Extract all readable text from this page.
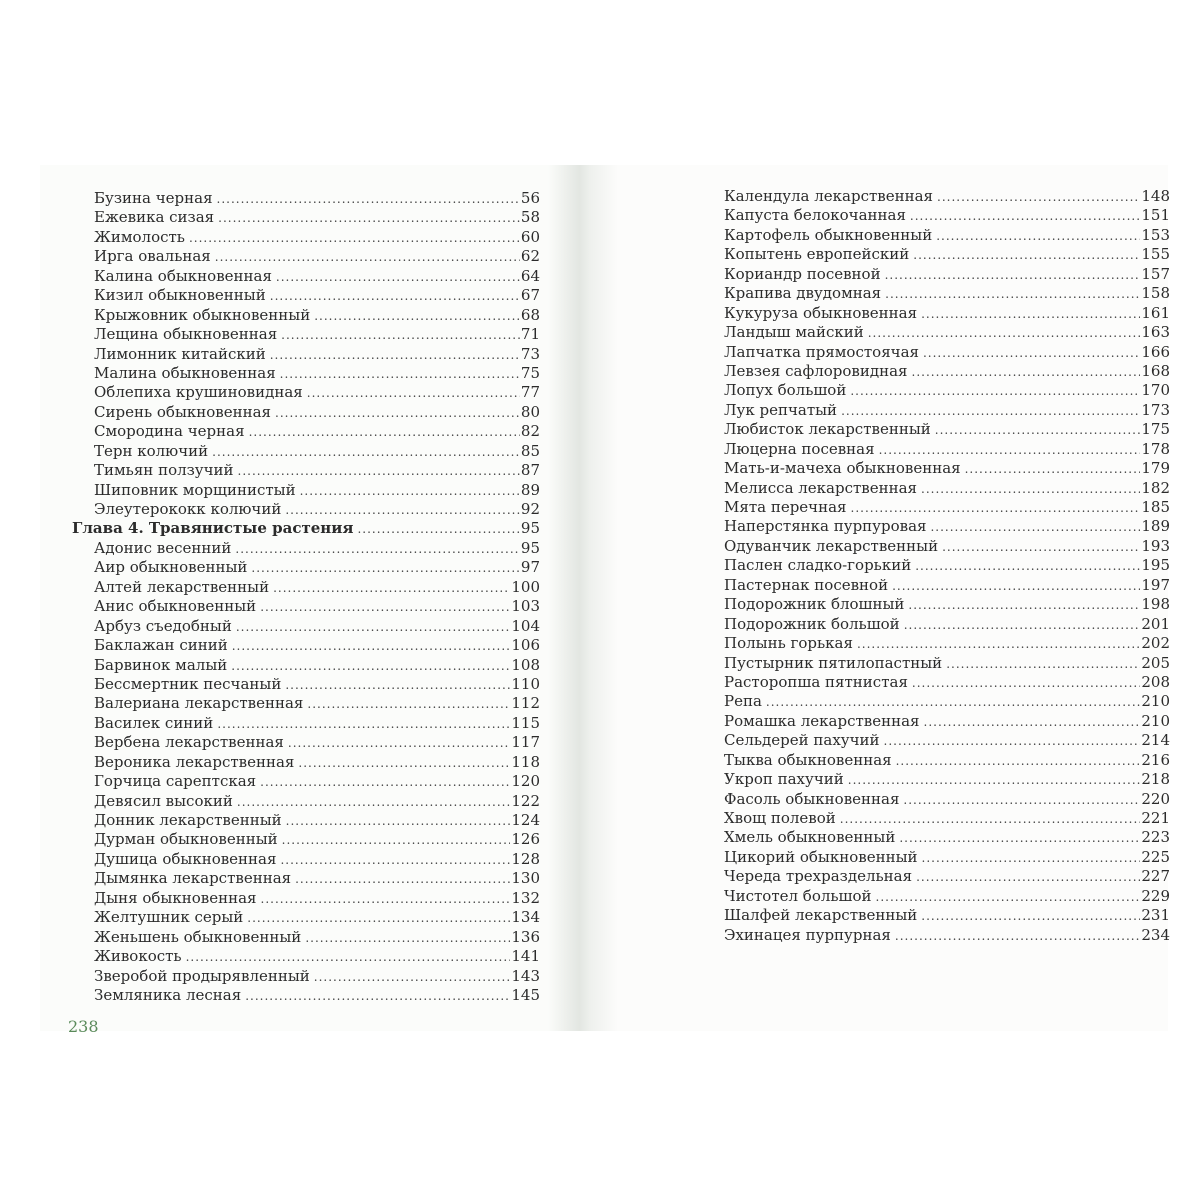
Бузина черная .....	56
Ежевика сизая .....	58
Жимолость .....	60
Ирга овальная .....	62
Калина обыкновенная .....	64
Кизил обыкновенный .....	67
Крыжовник обыкновенный .....	68
Лещина обыкновенная .....	71
Лимонник китайский .....	73
Малина обыкновенная .....	75
Облепиха крушиновидная .....	77
Сирень обыкновенная .....	80
Смородина черная .....	82
Терн колючий .....	85
Тимьян ползучий .....	87
Шиповник морщинистый .....	89
Элеутерококк колючий .....	92
Глава 4. Травянистые растения .....	95
Адонис весенний .....	95
Аир обыкновенный .....	97
Алтей лекарственный .....	100
Анис обыкновенный .....	103
Арбуз съедобный .....	104
Баклажан синий .....	106
Барвинок малый .....	108
Бессмертник песчаный .....	110
Валериана лекарственная .....	112
Василек синий .....	115
Вербена лекарственная .....	117
Вероника лекарственная .....	118
Горчица сарептская .....	120
Девясил высокий .....	122
Донник лекарственный .....	124
Дурман обыкновенный .....	126
Душица обыкновенная .....	128
Дымянка лекарственная .....	130
Дыня обыкновенная .....	132
Желтушник серый .....	134
Женьшень обыкновенный .....	136
Живокость .....	141
Зверобой продырявленный .....	143
Земляника лесная .....	145
238
Календула лекарственная .....	148
Капуста белокочанная .....	151
Картофель обыкновенный .....	153
Копытень европейский .....	155
Кориандр посевной .....	157
Крапива двудомная .....	158
Кукуруза обыкновенная .....	161
Ландыш майский .....	163
Лапчатка прямостоячая .....	166
Левзея сафлоровидная .....	168
Лопух большой .....	170
Лук репчатый .....	173
Любисток лекарственный .....	175
Люцерна посевная .....	178
Мать-и-мачеха обыкновенная .....	179
Мелисса лекарственная .....	182
Мята перечная .....	185
Наперстянка пурпуровая .....	189
Одуванчик лекарственный .....	193
Паслен сладко-горький .....	195
Пастернак посевной .....	197
Подорожник блошный .....	198
Подорожник большой .....	201
Полынь горькая .....	202
Пустырник пятилопастный .....	205
Расторопша пятнистая .....	208
Репа .....	210
Ромашка лекарственная .....	210
Сельдерей пахучий .....	214
Тыква обыкновенная .....	216
Укроп пахучий .....	218
Фасоль обыкновенная .....	220
Хвощ полевой .....	221
Хмель обыкновенный .....	223
Цикорий обыкновенный .....	225
Череда трехраздельная .....	227
Чистотел большой .....	229
Шалфей лекарственный .....	231
Эхинацея пурпурная .....	234
